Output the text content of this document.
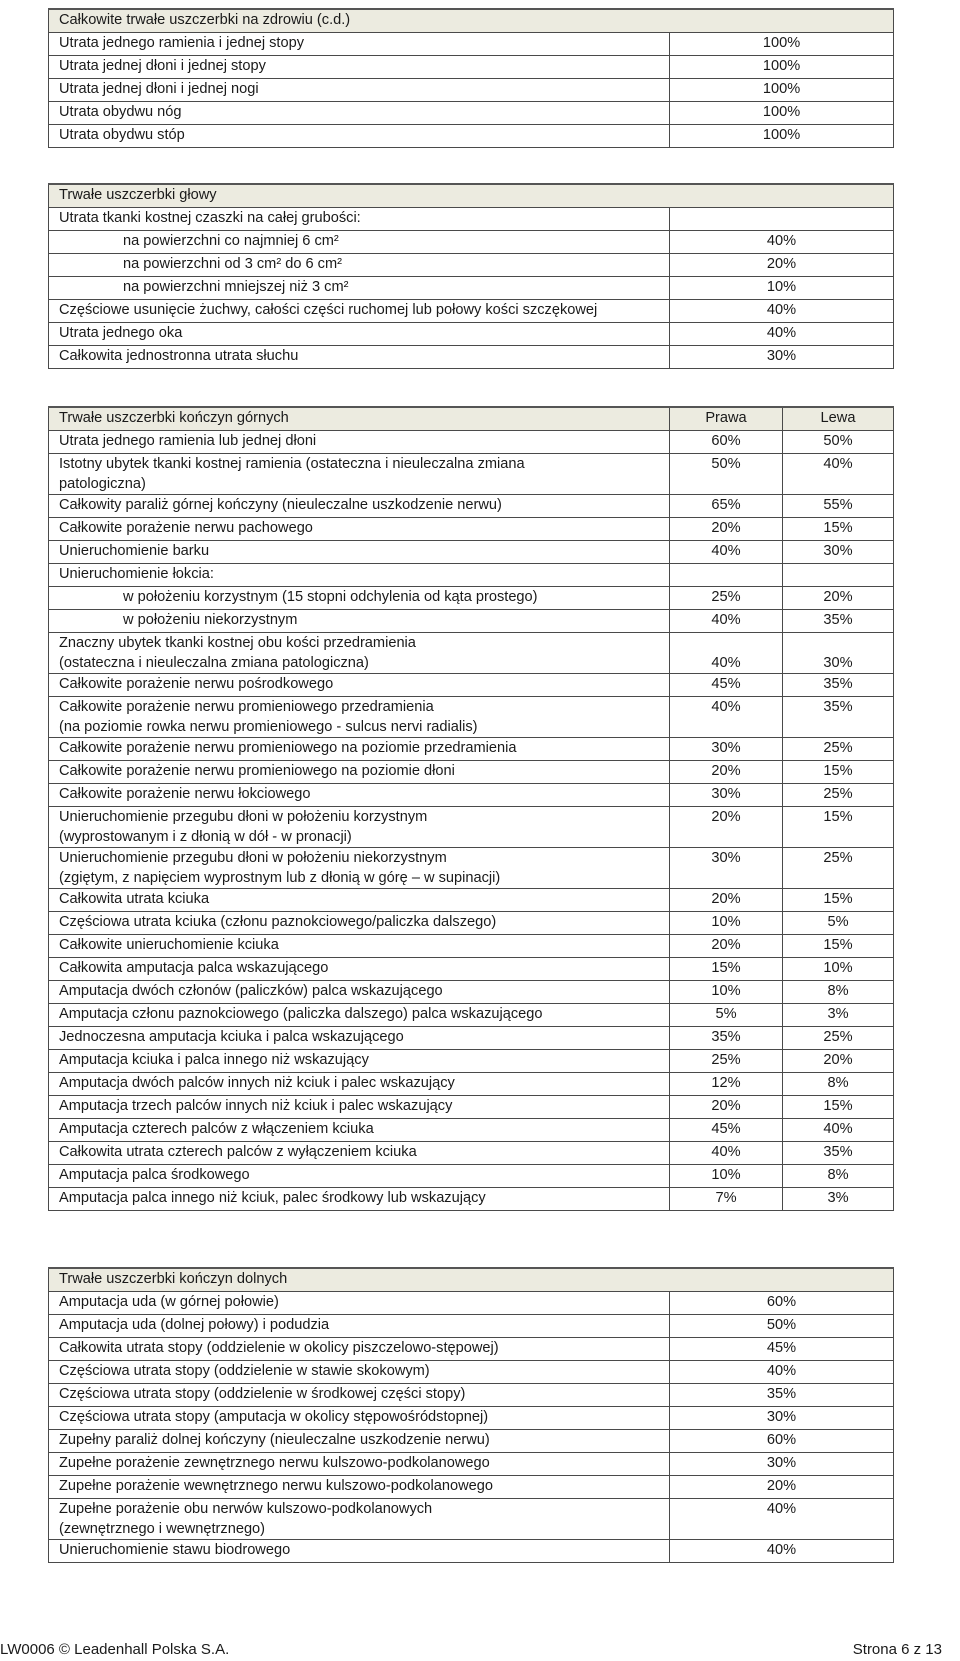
Całkowite trwałe uszczerbki na zdrowiu (c.d.)	
Utrata jednego ramienia i jednej stopy	100%
Utrata jednej dłoni i jednej stopy	100%
Utrata jednej dłoni i jednej nogi	100%
Utrata obydwu nóg	100%
Utrata obydwu stóp	100%
Trwałe uszczerbki głowy	
Utrata tkanki kostnej czaszki na całej grubości:	
na powierzchni co najmniej 6 cm²	40%
na powierzchni od 3 cm² do 6 cm²	20%
na powierzchni mniejszej niż 3 cm²	10%
Częściowe usunięcie żuchwy, całości części ruchomej lub połowy kości szczękowej	40%
Utrata jednego oka	40%
Całkowita jednostronna utrata słuchu	30%
Trwałe uszczerbki kończyn górnych	Prawa	Lewa

Utrata jednego ramienia lub jednej dłoni	60%	50%

Istotny ubytek tkanki kostnej ramienia (ostateczna i nieuleczalna zmiana
patologiczna)	50%	40%

Całkowity paraliż górnej kończyny (nieuleczalne uszkodzenie nerwu)	65%	55%

Całkowite porażenie nerwu pachowego	20%	15%

Unieruchomienie barku	40%	30%

Unieruchomienie łokcia:		

w położeniu korzystnym (15 stopni odchylenia od kąta prostego)	25%	20%

w położeniu niekorzystnym	40%	35%

Znaczny ubytek tkanki kostnej obu kości przedramienia
(ostateczna i nieuleczalna zmiana patologiczna)	40%	30%

Całkowite porażenie nerwu pośrodkowego	45%	35%

Całkowite porażenie nerwu promieniowego przedramienia
(na poziomie rowka nerwu promieniowego - sulcus nervi radialis)	40%	35%

Całkowite porażenie nerwu promieniowego na poziomie przedramienia	30%	25%

Całkowite porażenie nerwu promieniowego na poziomie dłoni	20%	15%

Całkowite porażenie nerwu łokciowego	30%	25%

Unieruchomienie przegubu dłoni w położeniu korzystnym
(wyprostowanym i z dłonią w dół - w pronacji)	20%	15%

Unieruchomienie przegubu dłoni w położeniu niekorzystnym
(zgiętym, z napięciem wyprostnym lub z dłonią w górę – w supinacji)	30%	25%

Całkowita utrata kciuka	20%	15%

Częściowa utrata kciuka (członu paznokciowego/paliczka dalszego)	10%	5%

Całkowite unieruchomienie kciuka	20%	15%

Całkowita amputacja palca wskazującego	15%	10%

Amputacja dwóch członów (paliczków) palca wskazującego	10%	8%

Amputacja członu paznokciowego (paliczka dalszego) palca wskazującego	5%	3%

Jednoczesna amputacja kciuka i palca wskazującego	35%	25%

Amputacja kciuka i palca innego niż wskazujący	25%	20%

Amputacja dwóch palców innych niż kciuk i palec wskazujący	12%	8%

Amputacja trzech palców innych niż kciuk i palec wskazujący	20%	15%

Amputacja czterech palców z włączeniem kciuka	45%	40%

Całkowita utrata czterech palców z wyłączeniem kciuka	40%	35%

Amputacja palca środkowego	10%	8%

Amputacja palca innego niż kciuk, palec środkowy lub wskazujący	7%	3%
Trwałe uszczerbki kończyn dolnych	

Amputacja uda (w górnej połowie)	60%

Amputacja uda (dolnej połowy) i podudzia	50%

Całkowita utrata stopy (oddzielenie w okolicy piszczelowo-stępowej)	45%

Częściowa utrata stopy (oddzielenie w stawie skokowym)	40%

Częściowa utrata stopy (oddzielenie w środkowej części stopy)	35%

Częściowa utrata stopy (amputacja w okolicy stępowośródstopnej)	30%

Zupełny paraliż dolnej kończyny (nieuleczalne uszkodzenie nerwu)	60%

Zupełne porażenie zewnętrznego nerwu kulszowo-podkolanowego	30%

Zupełne porażenie wewnętrznego nerwu kulszowo-podkolanowego	20%

Zupełne porażenie obu nerwów kulszowo-podkolanowych
(zewnętrznego i wewnętrznego)	40%

Unieruchomienie stawu biodrowego	40%
LW0006 © Leadenhall Polska S.A.	Strona 6 z 13
